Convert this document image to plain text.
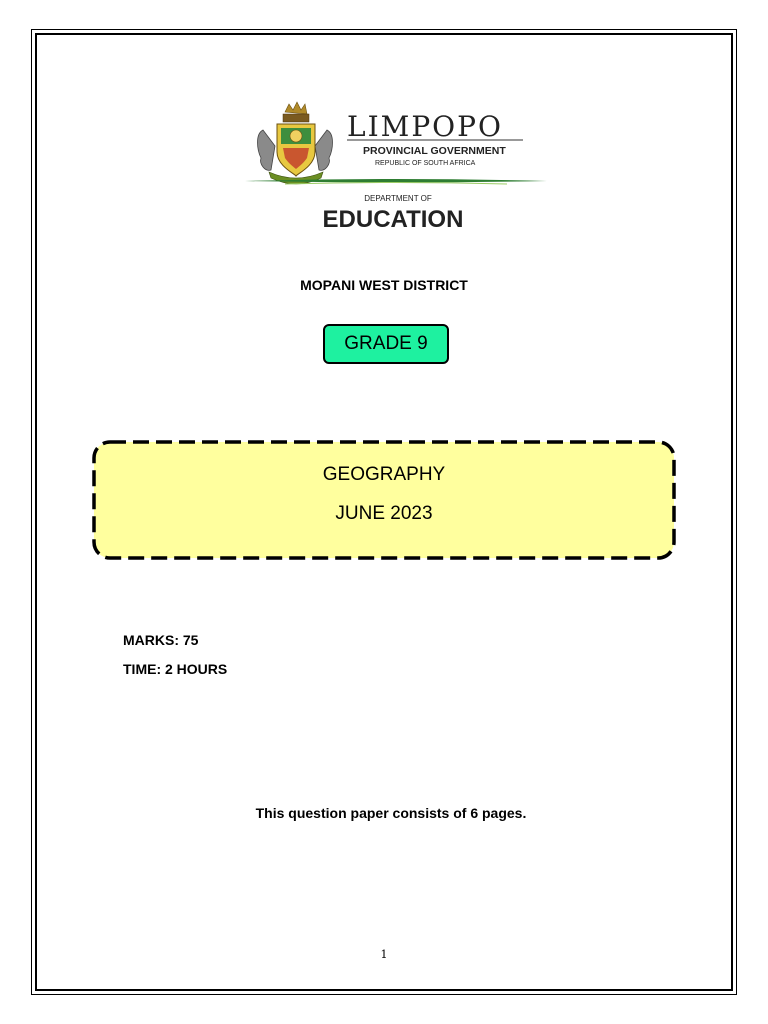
LIMPOPO
PROVINCIAL GOVERNMENT
REPUBLIC OF SOUTH AFRICA
DEPARTMENT OF
EDUCATION
MOPANI WEST DISTRICT
GRADE 9
GEOGRAPHY
JUNE 2023
MARKS: 75
TIME: 2 HOURS
This question paper consists of 6 pages.
1
